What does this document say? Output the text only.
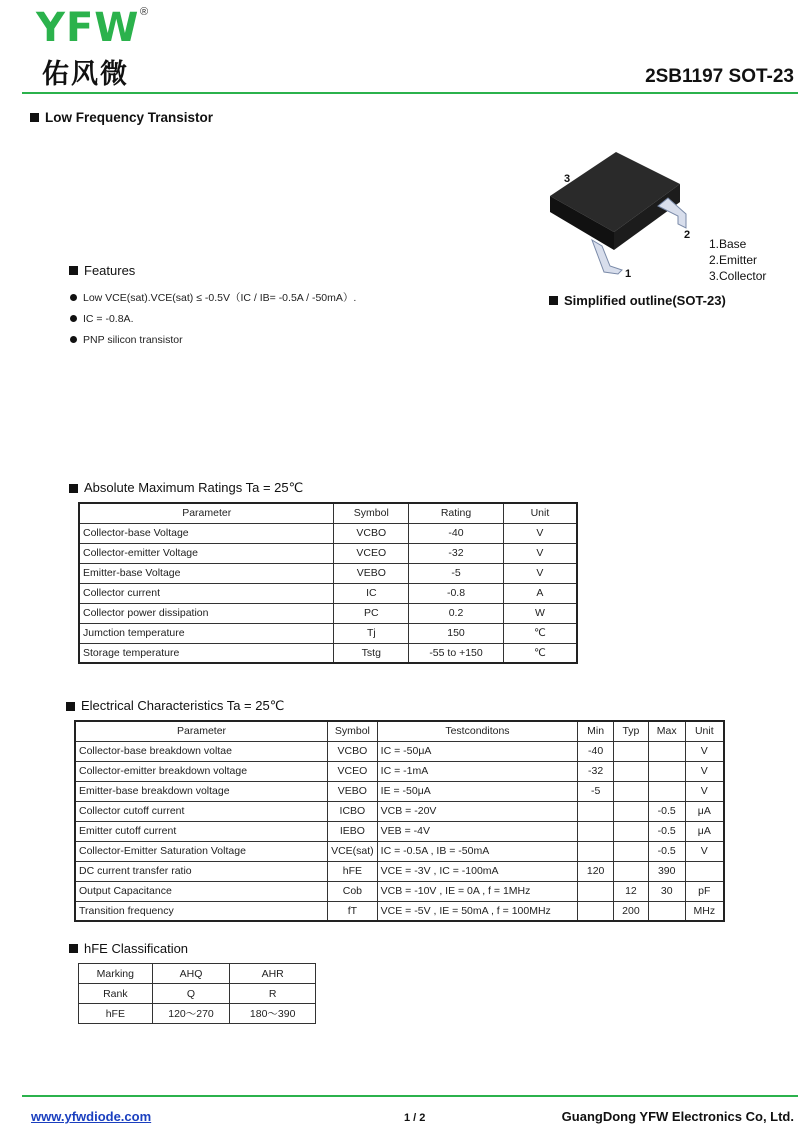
YFW ®
佑风微	2SB1197 SOT-23
Low Frequency Transistor
Features
Low VCE(sat).VCE(sat) ≤ -0.5V（IC / IB= -0.5A / -50mA）.
IC = -0.8A.
PNP silicon transistor
3
2
1
1.Base
2.Emitter
3.Collector
Simplified outline(SOT-23)
Absolute Maximum Ratings Ta = 25℃
Parameter	Symbol	Rating	Unit
Collector-base Voltage	VCBO	-40	V
Collector-emitter Voltage	VCEO	-32	V
Emitter-base Voltage	VEBO	-5	V
Collector current	IC	-0.8	A
Collector power dissipation	PC	0.2	W
Jumction temperature	Tj	150	℃
Storage temperature	Tstg	-55 to +150	℃
Electrical Characteristics Ta = 25℃
Parameter	Symbol	Testconditons	Min	Typ	Max	Unit
Collector-base breakdown voltae	VCBO	IC = -50μA	-40			V
Collector-emitter breakdown voltage	VCEO	IC = -1mA	-32			V
Emitter-base breakdown voltage	VEBO	IE = -50μA	-5			V
Collector cutoff current	ICBO	VCB = -20V			-0.5	μA
Emitter cutoff current	IEBO	VEB = -4V			-0.5	μA
Collector-Emitter Saturation Voltage	VCE(sat)	IC = -0.5A , IB = -50mA			-0.5	V
DC current transfer ratio	hFE	VCE = -3V , IC = -100mA	120		390	
Output Capacitance	Cob	VCB = -10V , IE = 0A , f = 1MHz		12	30	pF
Transition frequency	fT	VCE = -5V , IE = 50mA , f = 100MHz		200		MHz
hFE Classification
Marking	AHQ	AHR
Rank	Q	R
hFE	120～270	180～390
www.yfwdiode.com	1 / 2	GuangDong YFW Electronics Co, Ltd.
